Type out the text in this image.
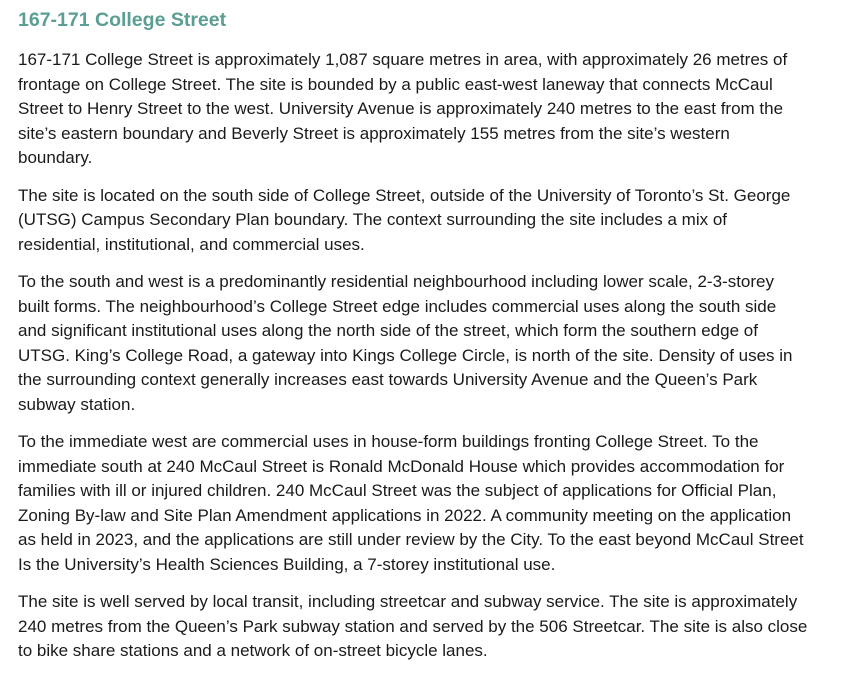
167-171 College Street

167-171 College Street is approximately 1,087 square metres in area, with approximately 26 metres of frontage on College Street. The site is bounded by a public east-west laneway that connects McCaul Street to Henry Street to the west. University Avenue is approximately 240 metres to the east from the site’s eastern boundary and Beverly Street is approximately 155 metres from the site’s western boundary.

The site is located on the south side of College Street, outside of the University of Toronto’s St. George (UTSG) Campus Secondary Plan boundary. The context surrounding the site includes a mix of residential, institutional, and commercial uses.

To the south and west is a predominantly residential neighbourhood including lower scale, 2-3-storey built forms. The neighbourhood’s College Street edge includes commercial uses along the south side and significant institutional uses along the north side of the street, which form the southern edge of UTSG. King’s College Road, a gateway into Kings College Circle, is north of the site. Density of uses in the surrounding context generally increases east towards University Avenue and the Queen’s Park subway station.

To the immediate west are commercial uses in house-form buildings fronting College Street. To the immediate south at 240 McCaul Street is Ronald McDonald House which provides accommodation for families with ill or injured children. 240 McCaul Street was the subject of applications for Official Plan, Zoning By-law and Site Plan Amendment applications in 2022. A community meeting on the application as held in 2023, and the applications are still under review by the City. To the east beyond McCaul Street Is the University’s Health Sciences Building, a 7-storey institutional use.

The site is well served by local transit, including streetcar and subway service. The site is approximately 240 metres from the Queen’s Park subway station and served by the 506 Streetcar. The site is also close to bike share stations and a network of on-street bicycle lanes.
